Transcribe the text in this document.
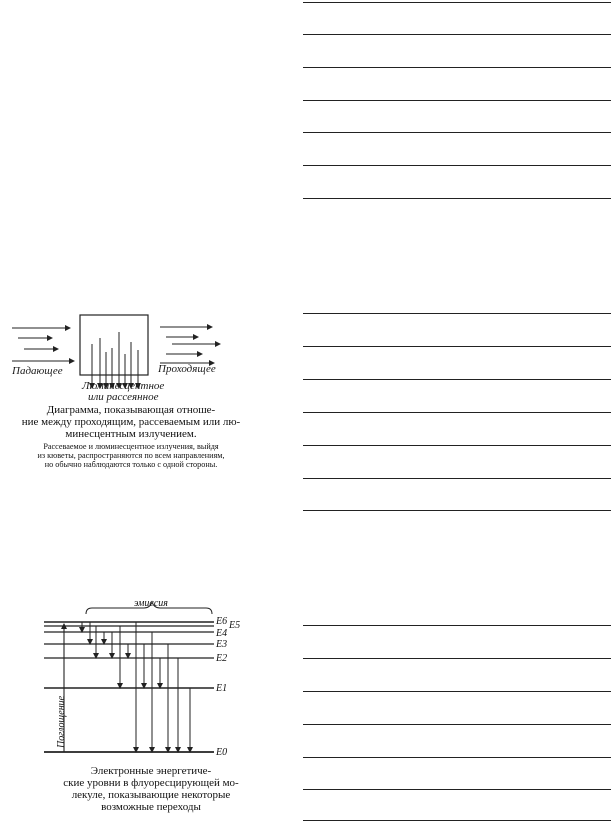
Падающее	Проходящее
Люминесцентное
или рассеянное
Диаграмма, показывающая отноше-
ние между проходящим, рассеваемым или лю-
минесцентным излучением.
Рассеваемое и люминесцентное излучения, выйдя
из кюветы, распространяются по всем направлениям,
но обычно наблюдаются только с одной стороны.
эмиссия
Поглощение
E6 E5
E4
E3
E2
E1
E0
Электронные энергетиче-
ские уровни в флуоресцирующей мо-
лекуле, показывающие некоторые
возможные переходы
